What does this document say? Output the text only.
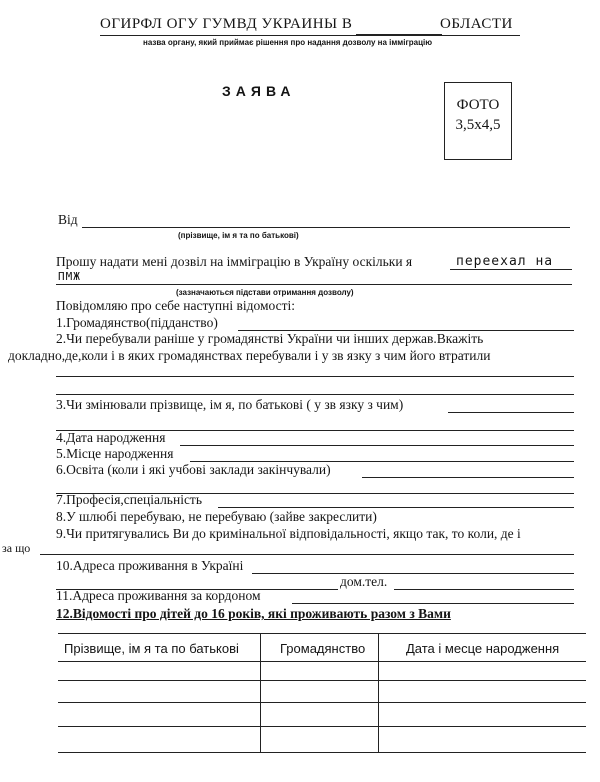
ОГИРФЛ ОГУ ГУМВД УКРАИНЫ В	ОБЛАСТИ
назва органу, який приймає рішення про надання дозволу на імміграцію
ЗАЯВА
ФОТО
3,5х4,5
Від
(прізвище, ім я та по батькові)
Прошу надати мені дозвіл на імміграцію в Україну оскільки я	переехал на
ПМЖ
(зазначаються підстави отримання дозволу)
Повідомляю про себе наступні відомості:
1.Громадянство(підданство)
2.Чи перебували раніше у громадянстві України чи інших держав.Вкажіть
докладно,де,коли і в яких громадянствах перебували і у зв язку з чим його втратили
3.Чи змінювали прізвище, ім я, по батькові ( у зв язку з чим)
4.Дата народження
5.Місце народження
6.Освіта (коли і які учбові заклади закінчували)
7.Професія,спеціальність
8.У шлюбі перебуваю, не перебуваю (зайве закреслити)
9.Чи притягувались Ви до кримінальної відповідальності, якщо так, то коли, де і
за що
10.Адреса проживання в Україні
дом.тел.
11.Адреса проживання за кордоном
12.Відомості про дітей до 16 років, які проживають разом з Вами
Прізвище, ім я та по батькові	Громадянство	Дата і месце народження
